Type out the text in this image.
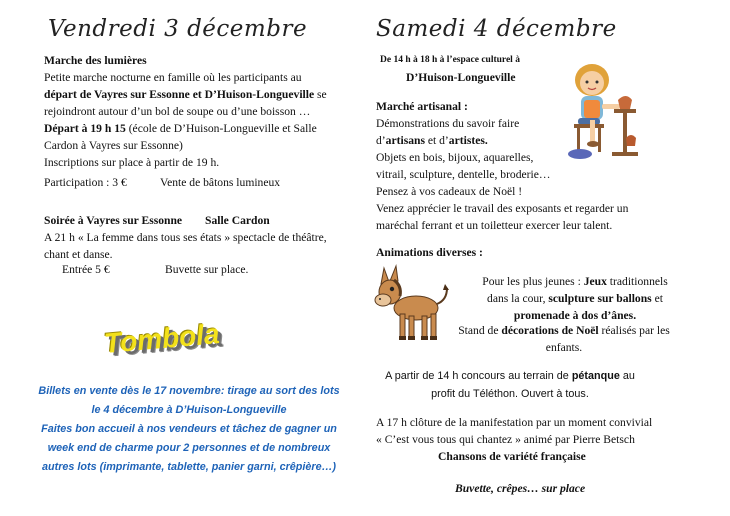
Vendredi 3 décembre
Marche des lumières
Petite marche nocturne en famille où les participants au
départ de Vayres sur Essonne et D’Huison-Longueville se
rejoindront autour d’un bol de soupe ou d’une boisson …
Départ à 19 h 15 (école de D’Huison-Longueville et Salle
Cardon à Vayres sur Essonne)
Inscriptions sur place à partir de 19 h.
Participation : 3 €	Vente de bâtons lumineux
Soirée à Vayres sur Essonne Salle Cardon
A 21 h « La femme dans tous ses états » spectacle de théâtre,
chant et danse.
Entrée 5 €	Buvette sur place.
Tombola
Billets en vente dès le 17 novembre: tirage au sort des lots
le 4 décembre à D’Huison-Longueville
Faites bon accueil à nos vendeurs et tâchez de gagner un
week end de charme pour 2 personnes et de nombreux
autres lots (imprimante, tablette, panier garni, crêpière…)
Samedi 4 décembre
De 14 h à 18 h à l’espace culturel à
D’Huison-Longueville
Marché artisanal :
Démonstrations du savoir faire
d’artisans et d’artistes.
Objets en bois, bijoux, aquarelles,
vitrail, sculpture, dentelle, broderie…
Pensez à vos cadeaux de Noël !
Venez apprécier le travail des exposants et regarder un
maréchal ferrant et un toiletteur exercer leur talent.
Animations diverses :
Pour les plus jeunes : Jeux traditionnels
dans la cour, sculpture sur ballons et
promenade à dos d’ânes.
Stand de décorations de Noël réalisés par les
enfants.
A partir de 14 h concours au terrain de pétanque au
profit du Téléthon. Ouvert à tous.
A 17 h clôture de la manifestation par un moment convivial
« C’est vous tous qui chantez » animé par Pierre Betsch
Chansons de variété française
Buvette, crêpes… sur place
